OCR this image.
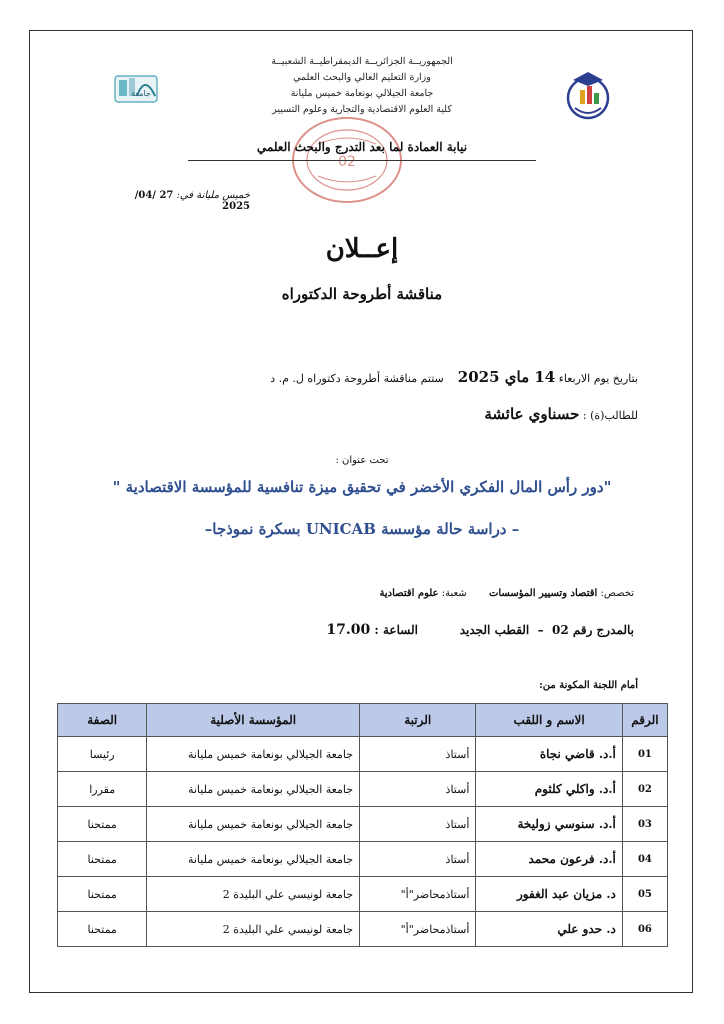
الجمهوريــة الجزائريــة الديمقراطيــة الشعبيــة
وزارة التعليم العالي والبحث العلمي
جامعة الجيلالي بونعامة خميس مليانة
كلية العلوم الاقتصادية والتجارية وعلوم التسيير
جامعة
02
نيابة العمادة لما بعد التدرج والبحث العلمي
خميس مليانة في: 27 /04/ 2025
إعــلان
مناقشة أطروحة الدكتوراه
بتاريخ يوم الاربعاء 14 ماي 2025    ستتم مناقشة أطروحة دكتوراه ل. م. د
للطالب(ة) : حسناوي عائشة
تحت عنوان :
"دور رأس المال الفكري الأخضر في تحقيق ميزة تنافسية للمؤسسة الاقتصادية "
– دراسة حالة مؤسسة UNICAB بسكرة نموذجا–
تخصص: اقتصاد وتسيير المؤسسات       شعبة: علوم اقتصادية
بالمدرج رقم 02  –  القطب الجديد          الساعة : 17.00
أمام اللجنة المكونة من:
الرقم	الاسم و اللقب	الرتبة	المؤسسة الأصلية	الصفة
01	أ.د. قاضي نجاة	أستاذ	جامعة الجيلالي بونعامة خميس مليانة	رئيسا
02	أ.د. واكلي كلثوم	أستاذ	جامعة الجيلالي بونعامة خميس مليانة	مقررا
03	أ.د. سنوسي زوليخة	أستاذ	جامعة الجيلالي بونعامة خميس مليانة	ممتحنا
04	أ.د. فرعون محمد	أستاذ	جامعة الجيلالي بونعامة خميس مليانة	ممتحنا
05	د. مزيان عبد الغفور	أستاذمحاضر"أ"	جامعة لونيسي علي البليدة 2	ممتحنا
06	د. حدو علي	أستاذمحاضر"أ"	جامعة لونيسي علي البليدة 2	ممتحنا
